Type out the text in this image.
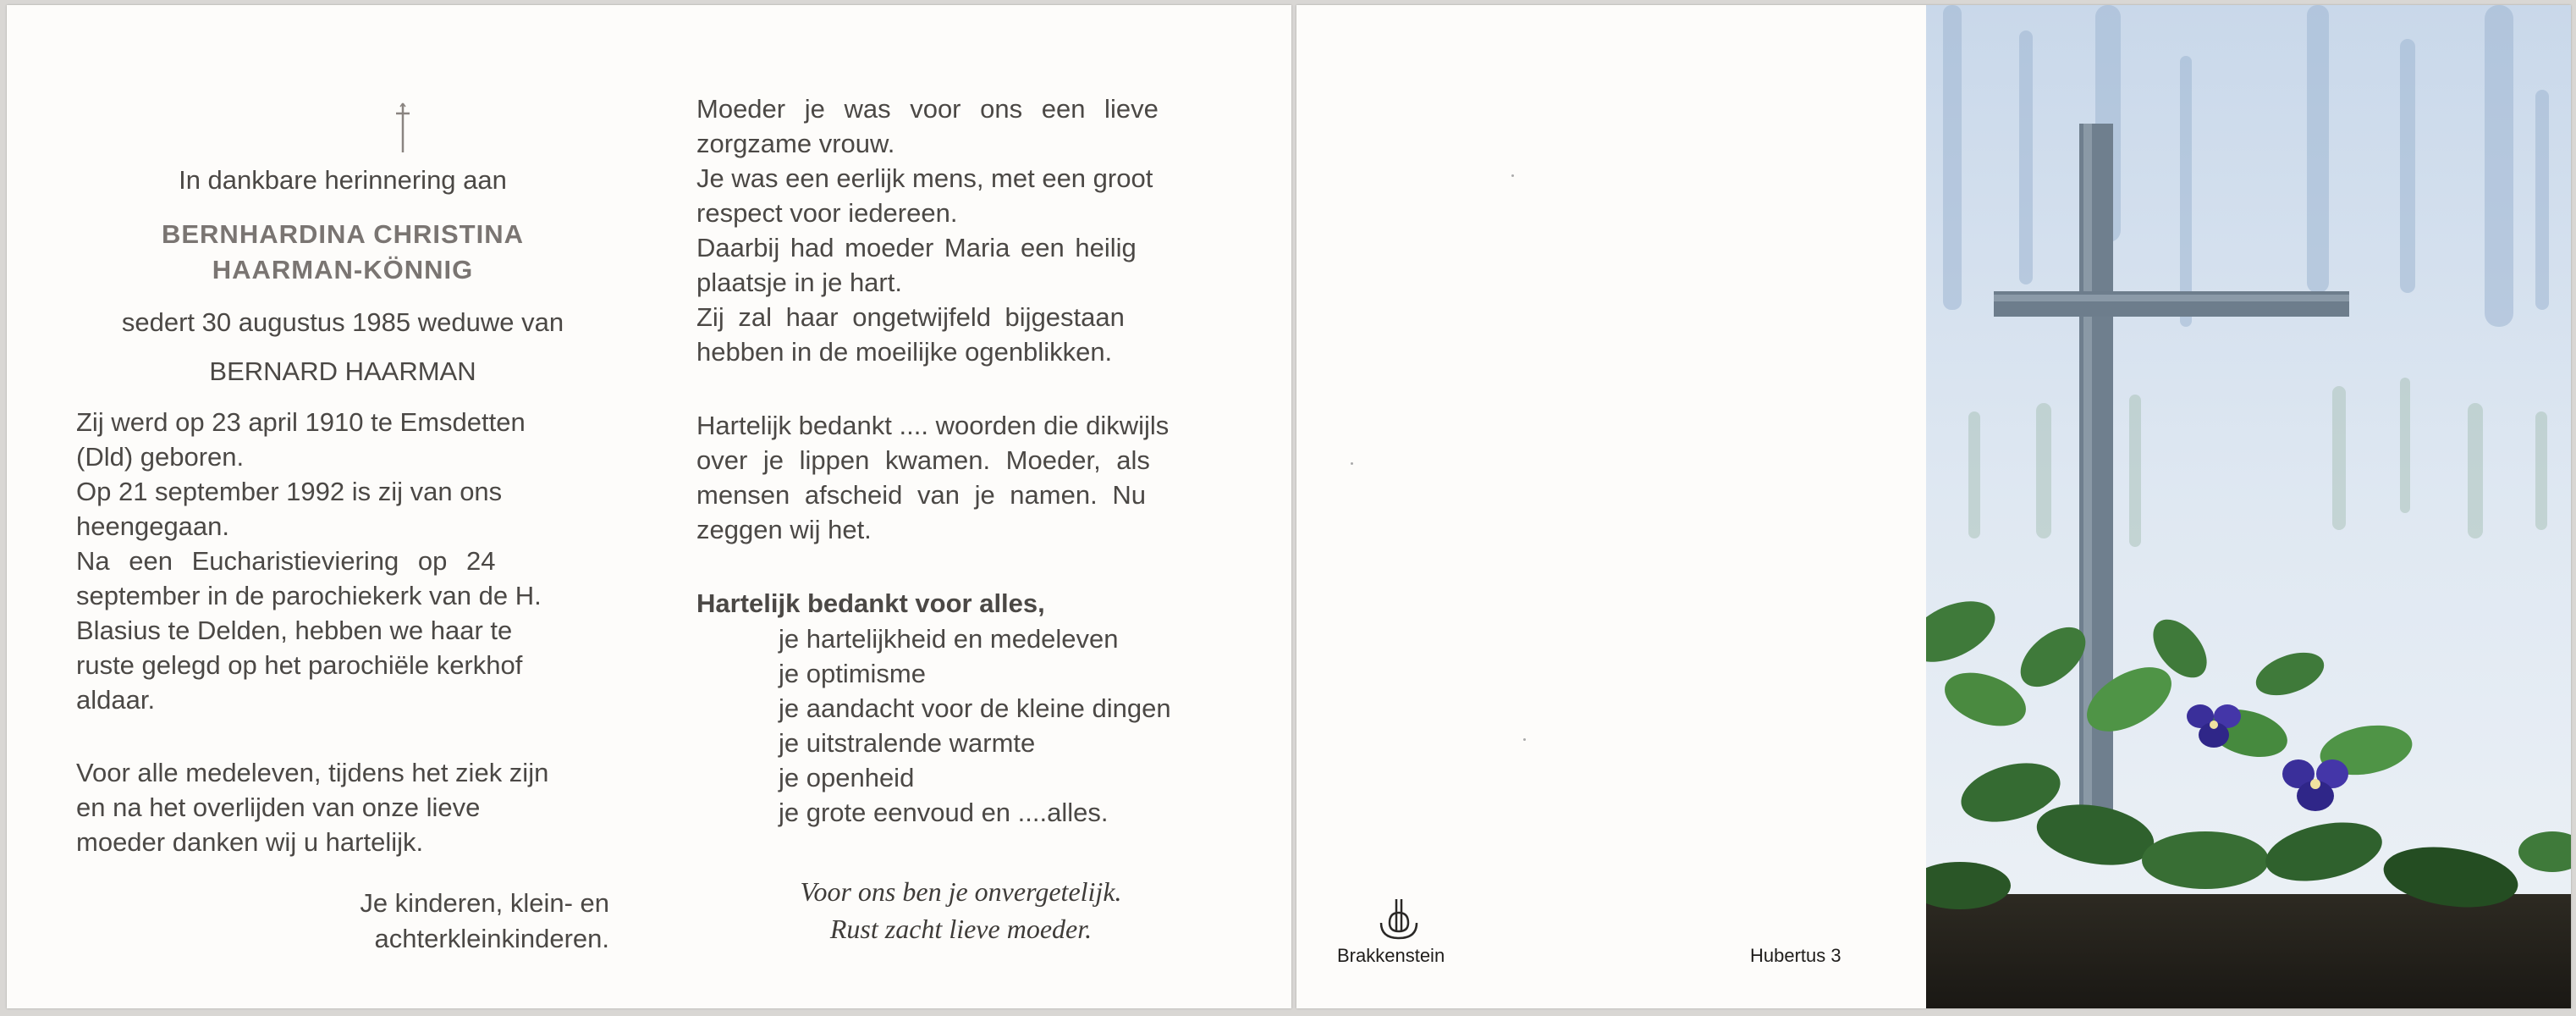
In dankbare herinnering aan
BERNHARDINA CHRISTINA
HAARMAN-KÖNNIG
sedert 30 augustus 1985 weduwe van
BERNARD HAARMAN
Zij werd op 23 april 1910 te Emsdetten
(Dld) geboren.
Op 21 september 1992 is zij van ons
heengegaan.
Na een Eucharistieviering op 24
september in de parochiekerk van de H.
Blasius te Delden, hebben we haar te
ruste gelegd op het parochiële kerkhof
aldaar.
Voor alle medeleven, tijdens het ziek zijn
en na het overlijden van onze lieve
moeder danken wij u hartelijk.
Je kinderen, klein- en
achterkleinkinderen.
Moeder je was voor ons een lieve
zorgzame vrouw.
Je was een eerlijk mens, met een groot
respect voor iedereen.
Daarbij had moeder Maria een heilig
plaatsje in je hart.
Zij zal haar ongetwijfeld bijgestaan
hebben in de moeilijke ogenblikken.
Hartelijk bedankt .... woorden die dikwijls
over je lippen kwamen. Moeder, als
mensen afscheid van je namen. Nu
zeggen wij het.
Hartelijk bedankt voor alles,
je hartelijkheid en medeleven
je optimisme
je aandacht voor de kleine dingen
je uitstralende warmte
je openheid
je grote eenvoud en ....alles.
Voor ons ben je onvergetelijk.
Rust zacht lieve moeder.
Brakkenstein	Hubertus 3
